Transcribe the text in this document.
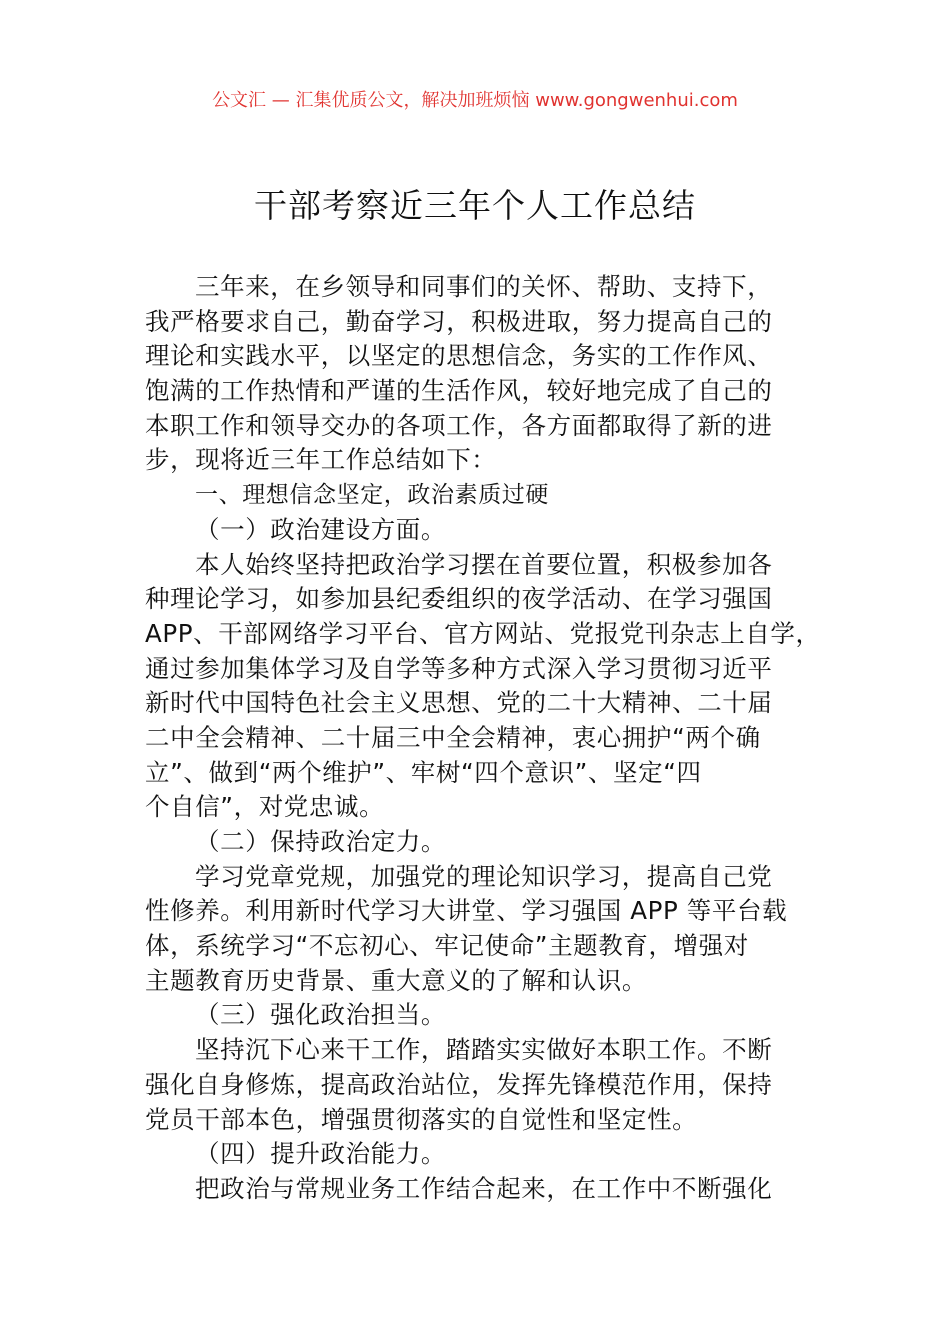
公文汇 — 汇集优质公文，解决加班烦恼 www.gongwenhui.com
干部考察近三年个人工作总结
三年来，在乡领导和同事们的关怀、帮助、支持下，
我严格要求自己，勤奋学习，积极进取，努力提高自己的
理论和实践水平，以坚定的思想信念，务实的工作作风、
饱满的工作热情和严谨的生活作风，较好地完成了自己的
本职工作和领导交办的各项工作，各方面都取得了新的进
步，现将近三年工作总结如下：
一、理想信念坚定，政治素质过硬
（一）政治建设方面。
本人始终坚持把政治学习摆在首要位置，积极参加各
种理论学习，如参加县纪委组织的夜学活动、在学习强国
APP、干部网络学习平台、官方网站、党报党刊杂志上自学，
通过参加集体学习及自学等多种方式深入学习贯彻习近平
新时代中国特色社会主义思想、党的二十大精神、二十届
二中全会精神、二十届三中全会精神，衷心拥护“两个确
立”、做到“两个维护”、牢树“四个意识”、坚定“四
个自信”，对党忠诚。
（二）保持政治定力。
学习党章党规，加强党的理论知识学习，提高自己党
性修养。利用新时代学习大讲堂、学习强国 APP 等平台载
体，系统学习“不忘初心、牢记使命”主题教育，增强对
主题教育历史背景、重大意义的了解和认识。
（三）强化政治担当。
坚持沉下心来干工作，踏踏实实做好本职工作。不断
强化自身修炼，提高政治站位，发挥先锋模范作用，保持
党员干部本色，增强贯彻落实的自觉性和坚定性。
（四）提升政治能力。
把政治与常规业务工作结合起来，在工作中不断强化
